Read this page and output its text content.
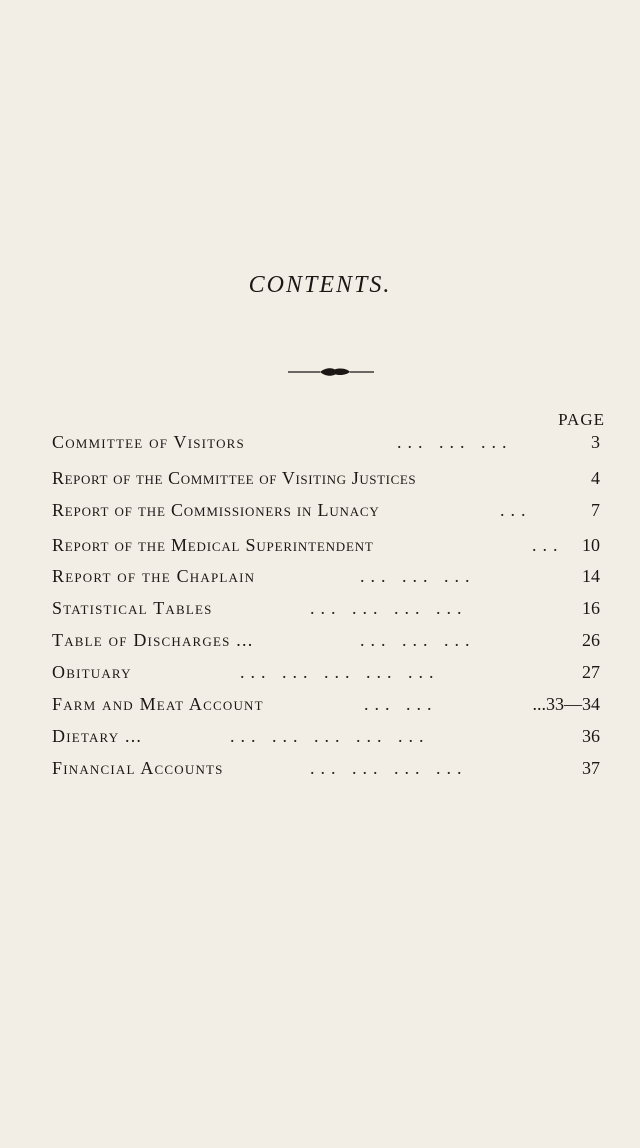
CONTENTS.
PAGE
Committee of Visitors	... ... ...	3
Report of the Committee of Visiting Justices	4
Report of the Commissioners in Lunacy	...	7
Report of the Medical Superintendent	... 10
Report of the Chaplain	... ... ...	14
Statistical Tables	... ... ... ...	16
Table of Discharges ...	... ... ...	26
Obituary	... ... ... ... ...	27
Farm and Meat Account	... ...	...33—34
Dietary ...	... ... ... ... ...	36
Financial Accounts	... ... ... ...	37
